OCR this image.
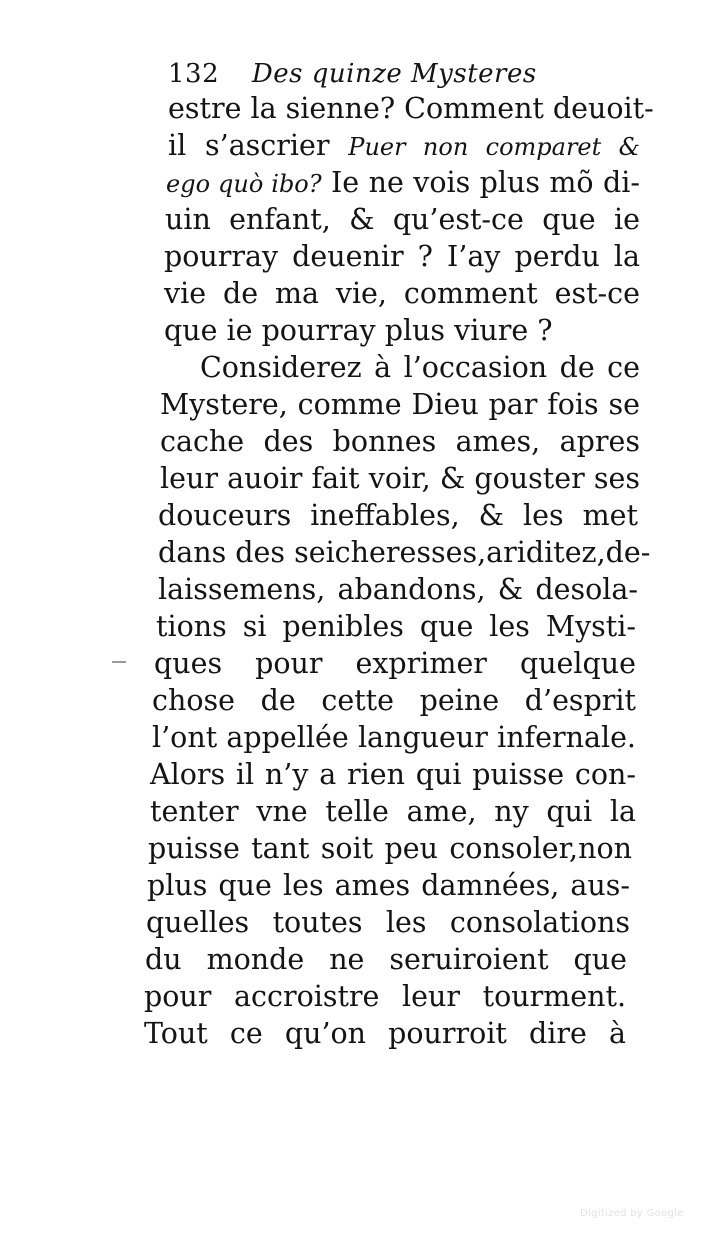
132 Des quinze Mysteres
estre la sienne? Comment deuoit-
il s’ascrier Puer non comparet &
ego quò ibo? Ie ne vois plus mõ di-
uin enfant, & qu’est-ce que ie
pourray deuenir ? I’ay perdu la
vie de ma vie, comment est-ce
que ie pourray plus viure ?
Considerez à l’occasion de ce
Mystere, comme Dieu par fois se
cache des bonnes ames, apres
leur auoir fait voir, & gouster ses
douceurs ineffables, & les met
dans des seicheresses,ariditez,de-
laissemens, abandons, & desola-
tions si penibles que les Mysti-
ques pour exprimer quelque
chose de cette peine d’esprit
l’ont appellée langueur infernale.
Alors il n’y a rien qui puisse con-
tenter vne telle ame, ny qui la
puisse tant soit peu consoler,non
plus que les ames damnées, aus-
quelles toutes les consolations
du monde ne seruiroient que
pour accroistre leur tourment.
Tout ce qu’on pourroit dire à
Digitized by Google
